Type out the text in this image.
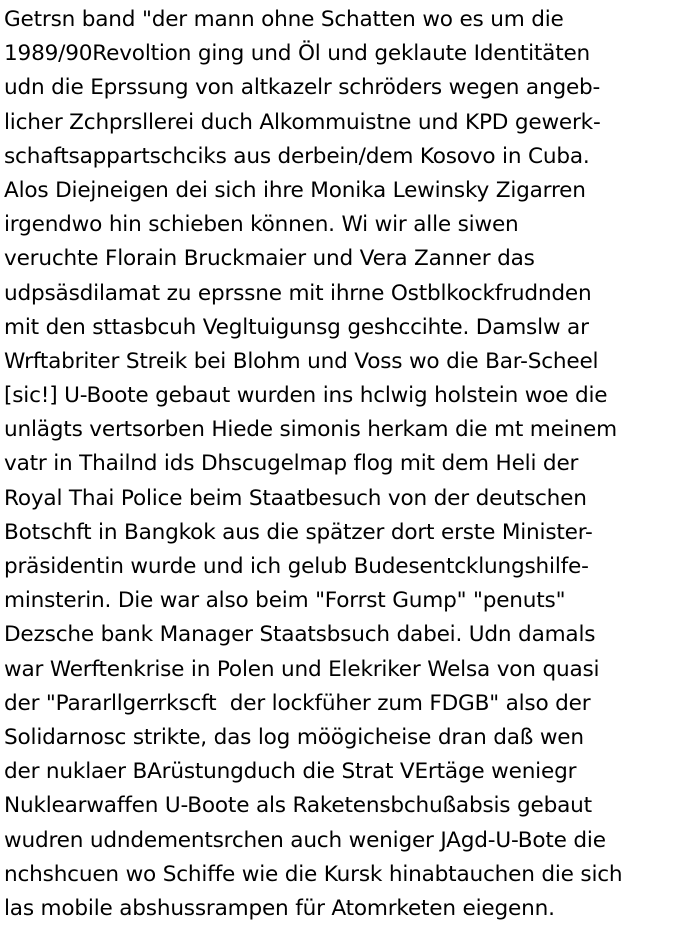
Getrsn band "der mann ohne Schatten wo es um die
1989/90Revoltion ging und Öl und geklaute Identitäten
udn die Eprssung von altkazelr schröders wegen angeb-
licher Zchprsllerei duch Alkommuistne und KPD gewerk-
schaftsappartschciks aus derbein/dem Kosovo in Cuba.
Alos Diejneigen dei sich ihre Monika Lewinsky Zigarren
irgendwo hin schieben können. Wi wir alle siwen
veruchte Florain Bruckmaier und Vera Zanner das
udpsäsdilamat zu eprssne mit ihrne Ostblkockfrudnden
mit den sttasbcuh Vegltuigunsg geshccihte. Damslw ar
Wrftabriter Streik bei Blohm und Voss wo die Bar-Scheel
[sic!] U-Boote gebaut wurden ins hclwig holstein woe die
unlägts vertsorben Hiede simonis herkam die mt meinem
vatr in Thailnd ids Dhscugelmap flog mit dem Heli der
Royal Thai Police beim Staatbesuch von der deutschen
Botschft in Bangkok aus die spätzer dort erste Minister-
präsidentin wurde und ich gelub Budesentcklungshilfe-
minsterin. Die war also beim "Forrst Gump" "penuts"
Dezsche bank Manager Staatsbsuch dabei. Udn damals
war Werftenkrise in Polen und Elekriker Welsa von quasi
der "Pararllgerrkscft  der lockfüher zum FDGB" also der
Solidarnosc strikte, das log möögicheise dran daß wen
der nuklaer BArüstungduch die Strat VErtäge weniegr
Nuklearwaffen U-Boote als Raketensbchußabsis gebaut
wudren udndementsrchen auch weniger JAgd-U-Bote die
nchshcuen wo Schiffe wie die Kursk hinabtauchen die sich
las mobile abshussrampen für Atomrketen eiegenn.
